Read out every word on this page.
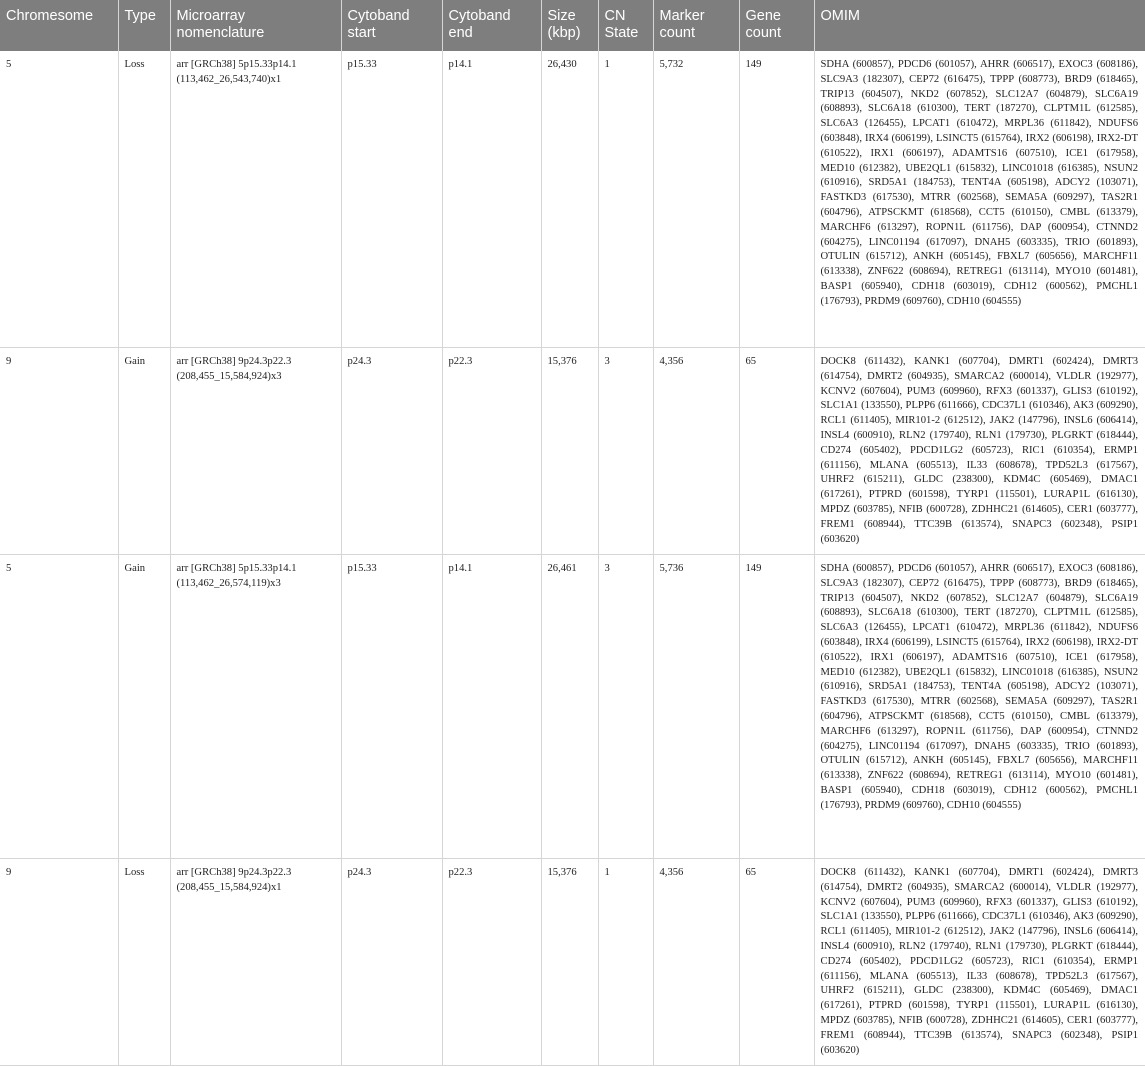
Chromesome	Type	Microarray nomenclature	Cytoband start	Cytoband end	Size (kbp)	CN State	Marker count	Gene count	OMIM
5	Loss	arr [GRCh38] 5p15.33p14.1 (113,462_26,543,740)x1	p15.33	p14.1	26,430	1	5,732	149	SDHA (600857), PDCD6 (601057), AHRR (606517), EXOC3 (608186), SLC9A3 (182307), CEP72 (616475), TPPP (608773), BRD9 (618465), TRIP13 (604507), NKD2 (607852), SLC12A7 (604879), SLC6A19 (608893), SLC6A18 (610300), TERT (187270), CLPTM1L (612585), SLC6A3 (126455), LPCAT1 (610472), MRPL36 (611842), NDUFS6 (603848), IRX4 (606199), LSINCT5 (615764), IRX2 (606198), IRX2-DT (610522), IRX1 (606197), ADAMTS16 (607510), ICE1 (617958), MED10 (612382), UBE2QL1 (615832), LINC01018 (616385), NSUN2 (610916), SRD5A1 (184753), TENT4A (605198), ADCY2 (103071), FASTKD3 (617530), MTRR (602568), SEMA5A (609297), TAS2R1 (604796), ATPSCKMT (618568), CCT5 (610150), CMBL (613379), MARCHF6 (613297), ROPN1L (611756), DAP (600954), CTNND2 (604275), LINC01194 (617097), DNAH5 (603335), TRIO (601893), OTULIN (615712), ANKH (605145), FBXL7 (605656), MARCHF11 (613338), ZNF622 (608694), RETREG1 (613114), MYO10 (601481), BASP1 (605940), CDH18 (603019), CDH12 (600562), PMCHL1 (176793), PRDM9 (609760), CDH10 (604555)
9	Gain	arr [GRCh38] 9p24.3p22.3 (208,455_15,584,924)x3	p24.3	p22.3	15,376	3	4,356	65	DOCK8 (611432), KANK1 (607704), DMRT1 (602424), DMRT3 (614754), DMRT2 (604935), SMARCA2 (600014), VLDLR (192977), KCNV2 (607604), PUM3 (609960), RFX3 (601337), GLIS3 (610192), SLC1A1 (133550), PLPP6 (611666), CDC37L1 (610346), AK3 (609290), RCL1 (611405), MIR101-2 (612512), JAK2 (147796), INSL6 (606414), INSL4 (600910), RLN2 (179740), RLN1 (179730), PLGRKT (618444), CD274 (605402), PDCD1LG2 (605723), RIC1 (610354), ERMP1 (611156), MLANA (605513), IL33 (608678), TPD52L3 (617567), UHRF2 (615211), GLDC (238300), KDM4C (605469), DMAC1 (617261), PTPRD (601598), TYRP1 (115501), LURAP1L (616130), MPDZ (603785), NFIB (600728), ZDHHC21 (614605), CER1 (603777), FREM1 (608944), TTC39B (613574), SNAPC3 (602348), PSIP1 (603620)
5	Gain	arr [GRCh38] 5p15.33p14.1 (113,462_26,574,119)x3	p15.33	p14.1	26,461	3	5,736	149	SDHA (600857), PDCD6 (601057), AHRR (606517), EXOC3 (608186), SLC9A3 (182307), CEP72 (616475), TPPP (608773), BRD9 (618465), TRIP13 (604507), NKD2 (607852), SLC12A7 (604879), SLC6A19 (608893), SLC6A18 (610300), TERT (187270), CLPTM1L (612585), SLC6A3 (126455), LPCAT1 (610472), MRPL36 (611842), NDUFS6 (603848), IRX4 (606199), LSINCT5 (615764), IRX2 (606198), IRX2-DT (610522), IRX1 (606197), ADAMTS16 (607510), ICE1 (617958), MED10 (612382), UBE2QL1 (615832), LINC01018 (616385), NSUN2 (610916), SRD5A1 (184753), TENT4A (605198), ADCY2 (103071), FASTKD3 (617530), MTRR (602568), SEMA5A (609297), TAS2R1 (604796), ATPSCKMT (618568), CCT5 (610150), CMBL (613379), MARCHF6 (613297), ROPN1L (611756), DAP (600954), CTNND2 (604275), LINC01194 (617097), DNAH5 (603335), TRIO (601893), OTULIN (615712), ANKH (605145), FBXL7 (605656), MARCHF11 (613338), ZNF622 (608694), RETREG1 (613114), MYO10 (601481), BASP1 (605940), CDH18 (603019), CDH12 (600562), PMCHL1 (176793), PRDM9 (609760), CDH10 (604555)
9	Loss	arr [GRCh38] 9p24.3p22.3 (208,455_15,584,924)x1	p24.3	p22.3	15,376	1	4,356	65	DOCK8 (611432), KANK1 (607704), DMRT1 (602424), DMRT3 (614754), DMRT2 (604935), SMARCA2 (600014), VLDLR (192977), KCNV2 (607604), PUM3 (609960), RFX3 (601337), GLIS3 (610192), SLC1A1 (133550), PLPP6 (611666), CDC37L1 (610346), AK3 (609290), RCL1 (611405), MIR101-2 (612512), JAK2 (147796), INSL6 (606414), INSL4 (600910), RLN2 (179740), RLN1 (179730), PLGRKT (618444), CD274 (605402), PDCD1LG2 (605723), RIC1 (610354), ERMP1 (611156), MLANA (605513), IL33 (608678), TPD52L3 (617567), UHRF2 (615211), GLDC (238300), KDM4C (605469), DMAC1 (617261), PTPRD (601598), TYRP1 (115501), LURAP1L (616130), MPDZ (603785), NFIB (600728), ZDHHC21 (614605), CER1 (603777), FREM1 (608944), TTC39B (613574), SNAPC3 (602348), PSIP1 (603620)
